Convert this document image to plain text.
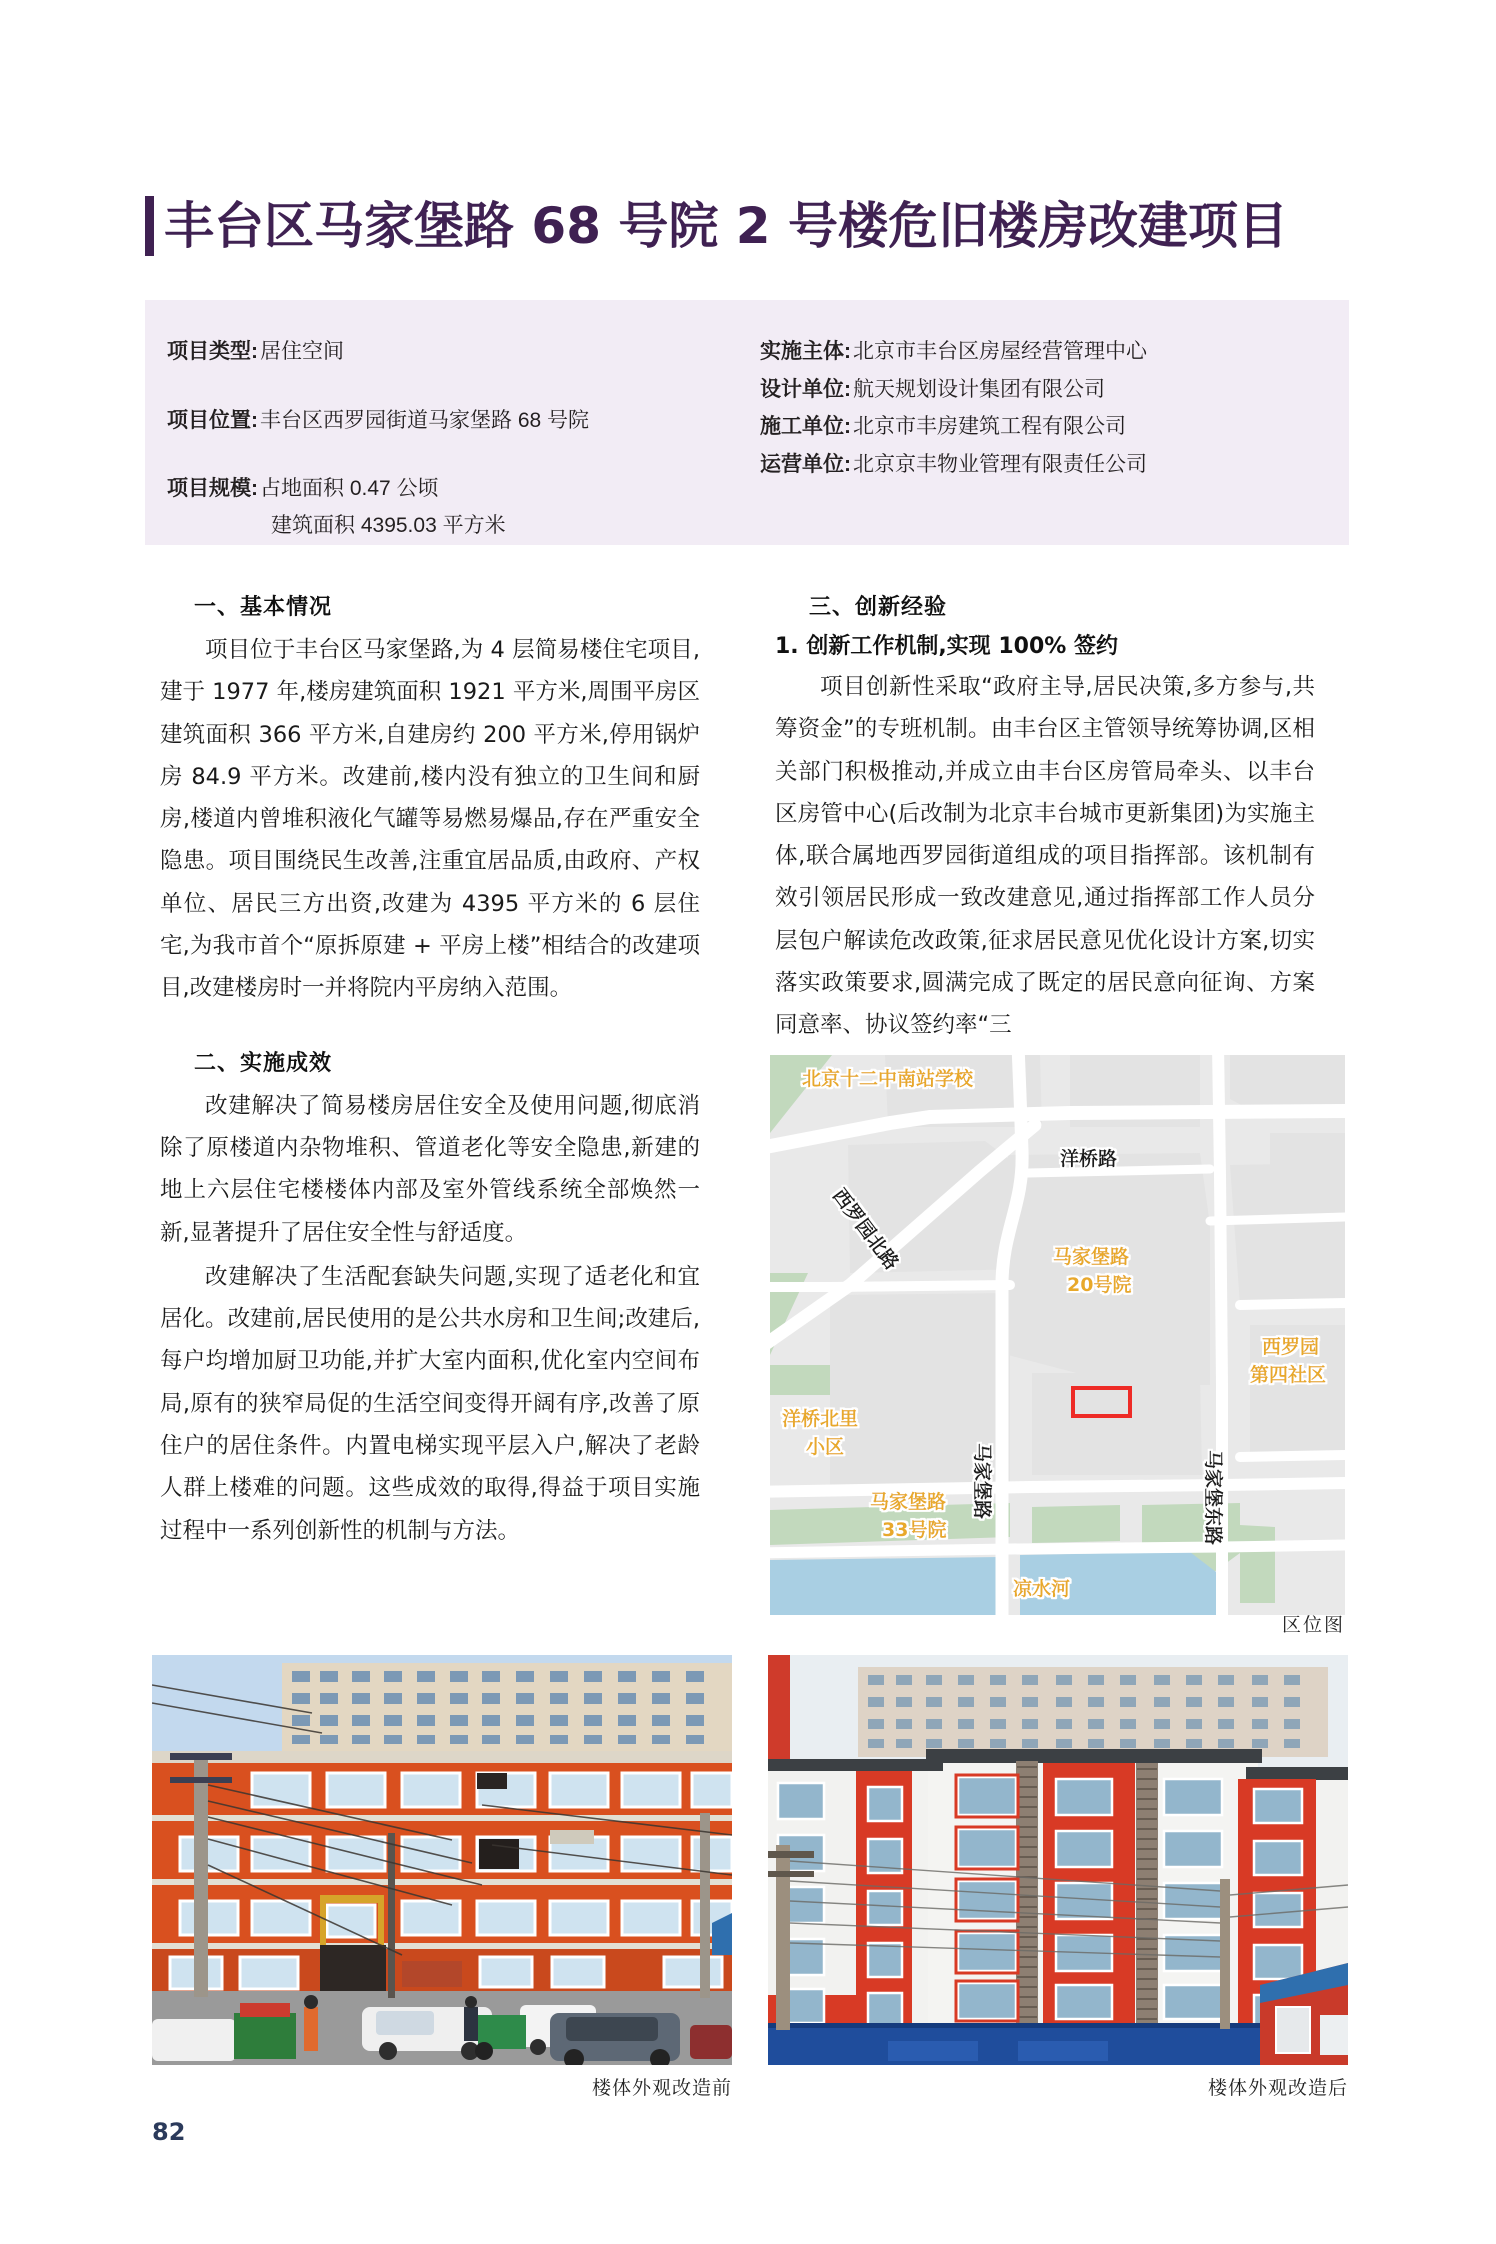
丰台区马家堡路 68 号院 2 号楼危旧楼房改建项目
项目类型: 居住空间
项目位置: 丰台区西罗园街道马家堡路 68 号院
项目规模: 占地面积 0.47 公顷
建筑面积 4395.03 平方米
实施主体: 北京市丰台区房屋经营管理中心
设计单位: 航天规划设计集团有限公司
施工单位: 北京市丰房建筑工程有限公司
运营单位: 北京京丰物业管理有限责任公司
一、基本情况

项目位于丰台区马家堡路,为 4 层简易楼住宅项目,建于 1977 年,楼房建筑面积 1921 平方米,周围平房区建筑面积 366 平方米,自建房约 200 平方米,停用锅炉房 84.9 平方米。改建前,楼内没有独立的卫生间和厨房,楼道内曾堆积液化气罐等易燃易爆品,存在严重安全隐患。项目围绕民生改善,注重宜居品质,由政府、产权单位、居民三方出资,改建为 4395 平方米的 6 层住宅,为我市首个“原拆原建 + 平房上楼”相结合的改建项目,改建楼房时一并将院内平房纳入范围。

二、实施成效

改建解决了简易楼房居住安全及使用问题,彻底消除了原楼道内杂物堆积、管道老化等安全隐患,新建的地上六层住宅楼楼体内部及室外管线系统全部焕然一新,显著提升了居住安全性与舒适度。

改建解决了生活配套缺失问题,实现了适老化和宜居化。改建前,居民使用的是公共水房和卫生间;改建后,每户均增加厨卫功能,并扩大室内面积,优化室内空间布局,原有的狭窄局促的生活空间变得开阔有序,改善了原住户的居住条件。内置电梯实现平层入户,解决了老龄人群上楼难的问题。这些成效的取得,得益于项目实施过程中一系列创新性的机制与方法。

三、创新经验
1. 创新工作机制,实现 100% 签约

项目创新性采取“政府主导,居民决策,多方参与,共筹资金”的专班机制。由丰台区主管领导统筹协调,区相关部门积极推动,并成立由丰台区房管局牵头、以丰台区房管中心(后改制为北京丰台城市更新集团)为实施主体,联合属地西罗园街道组成的项目指挥部。该机制有效引领居民形成一致改建意见,通过指挥部工作人员分层包户解读危改政策,征求居民意见优化设计方案,切实落实政策要求,圆满完成了既定的居民意向征询、方案同意率、协议签约率“三

北京十二中南站学校
西罗园北路
洋桥路
马家堡路
20号院
西罗园
第四社区
洋桥北里
小区
马家堡路
33号院
马家堡路	马家堡东路
凉水河
区位图
楼体外观改造前	楼体外观改造后
82
